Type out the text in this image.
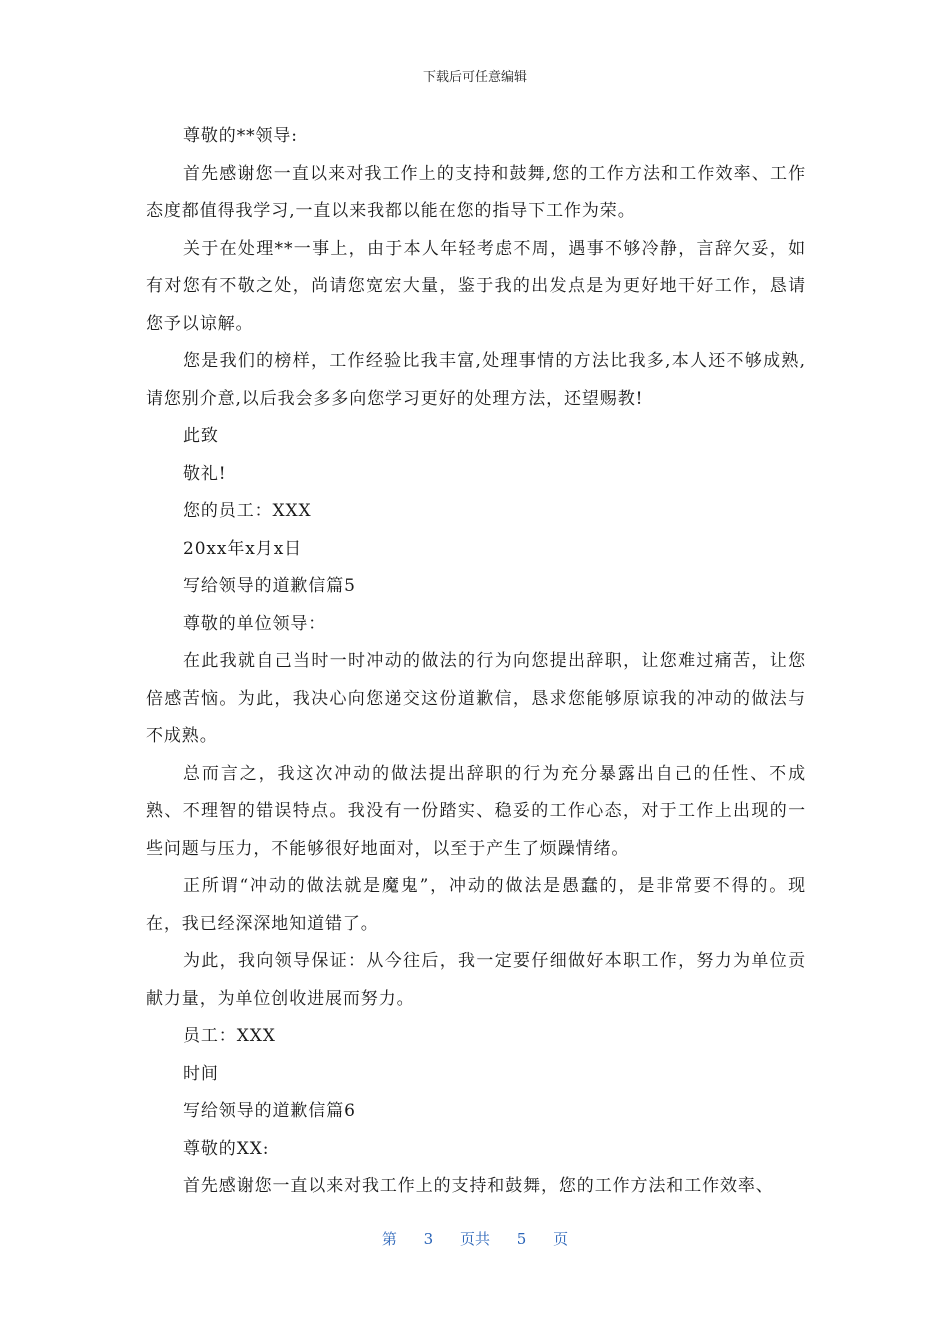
下载后可任意编辑

尊敬的**领导:

首先感谢您一直以来对我工作上的支持和鼓舞,您的工作方法和工作效率、工作态度都值得我学习,一直以来我都以能在您的指导下工作为荣。

关于在处理**一事上，由于本人年轻考虑不周，遇事不够冷静，言辞欠妥，如有对您有不敬之处，尚请您宽宏大量，鉴于我的出发点是为更好地干好工作，恳请您予以谅解。

您是我们的榜样，工作经验比我丰富,处理事情的方法比我多,本人还不够成熟,请您别介意,以后我会多多向您学习更好的处理方法，还望赐教!

此致

敬礼!

您的员工：XXX

20xx年x月x日

写给领导的道歉信篇5

尊敬的单位领导：

在此我就自己当时一时冲动的做法的行为向您提出辞职，让您难过痛苦，让您倍感苦恼。为此，我决心向您递交这份道歉信，恳求您能够原谅我的冲动的做法与不成熟。

总而言之，我这次冲动的做法提出辞职的行为充分暴露出自己的任性、不成熟、不理智的错误特点。我没有一份踏实、稳妥的工作心态，对于工作上出现的一些问题与压力，不能够很好地面对，以至于产生了烦躁情绪。

正所谓“冲动的做法就是魔鬼”，冲动的做法是愚蠢的，是非常要不得的。现在，我已经深深地知道错了。

为此，我向领导保证：从今往后，我一定要仔细做好本职工作，努力为单位贡献力量，为单位创收进展而努力。

员工：XXX

时间

写给领导的道歉信篇6

尊敬的XX:

首先感谢您一直以来对我工作上的支持和鼓舞，您的工作方法和工作效率、

第 3 页共 5 页
